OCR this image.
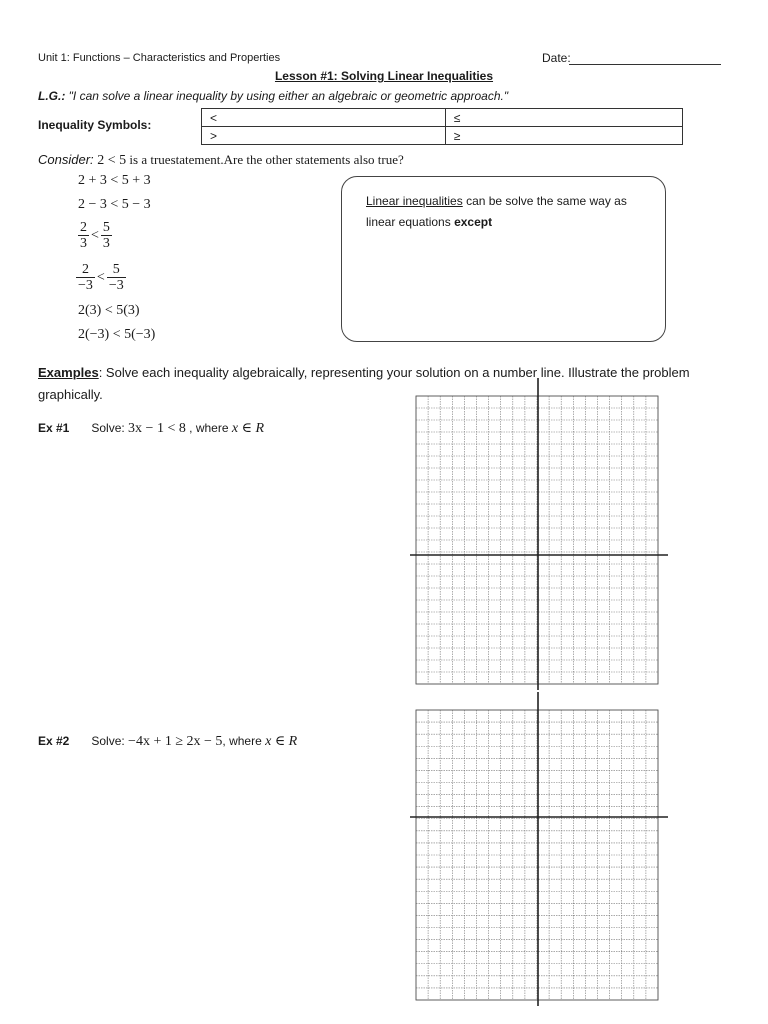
Unit 1: Functions – Characteristics and Properties	Date:
Lesson #1: Solving Linear Inequalities
L.G.: "I can solve a linear inequality by using either an algebraic or geometric approach."
Inequality Symbols:
<	≤
>	≥
Consider: 2 < 5 is a truestatement.Are the other statements also true?
2 + 3 < 5 + 3
2 − 3 < 5 − 3
$\frac{2}{3} < \frac{5}{3}$
$\frac{2}{-3} < \frac{5}{-3}$
2(3) < 5(3)
2(−3) < 5(−3)
Linear inequalities can be solve the same way as
linear equations except
Examples: Solve each inequality algebraically, representing your solution on a number line. Illustrate the problem graphically.
Ex #1 Solve: 3x − 1 < 8 , where x ∈ R
Ex #2 Solve: −4x + 1 ≥ 2x − 5, where x ∈ R
